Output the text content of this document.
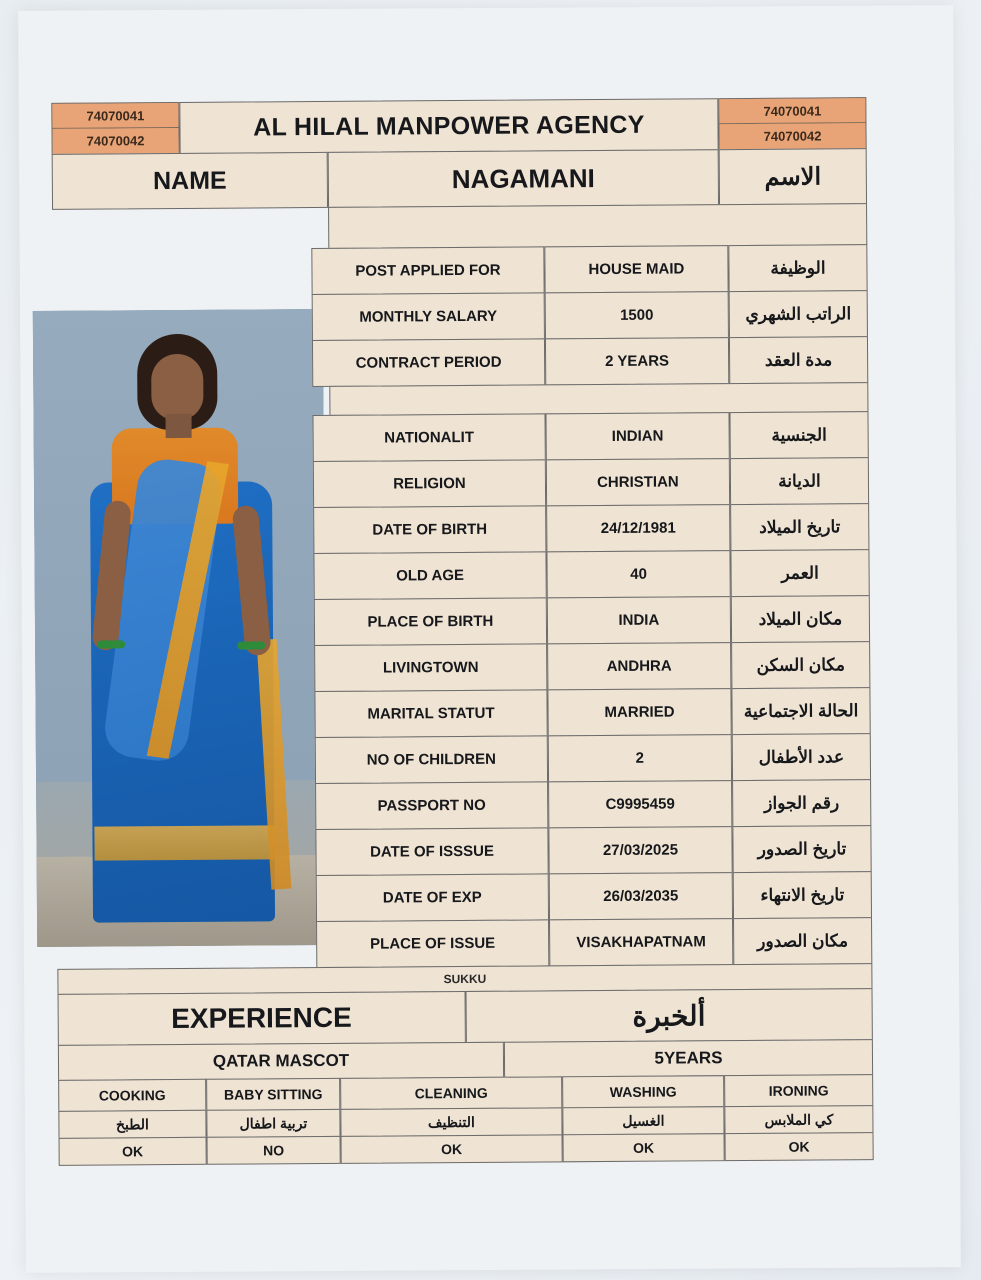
74070041
74070042	AL HILAL MANPOWER AGENCY	74070041
74070042
NAME	NAGAMANI	الاسم
POST APPLIED FOR	HOUSE MAID	الوظيفة
MONTHLY SALARY	1500	الراتب الشهري
CONTRACT PERIOD	2 YEARS	مدة العقد
NATIONALIT	INDIAN	الجنسية
RELIGION	CHRISTIAN	الديانة
DATE OF BIRTH	24/12/1981	تاريخ الميلاد
OLD AGE	40	العمر
PLACE OF BIRTH	INDIA	مكان الميلاد
LIVINGTOWN	ANDHRA	مكان السكن
MARITAL STATUT	MARRIED	الحالة الاجتماعية
NO OF CHILDREN	2	عدد الأطفال
PASSPORT NO	C9995459	رقم الجواز
DATE OF ISSSUE	27/03/2025	تاريخ الصدور
DATE OF EXP	26/03/2035	تاريخ الانتهاء
PLACE OF ISSUE	VISAKHAPATNAM	مكان الصدور
SUKKU
EXPERIENCE	ألخبرة
QATAR MASCOT	5YEARS
COOKING	BABY SITTING	CLEANING	WASHING	IRONING
الطبخ	تربية اطفال	التنظيف	الغسيل	كي الملابس
OK	NO	OK	OK	OK
